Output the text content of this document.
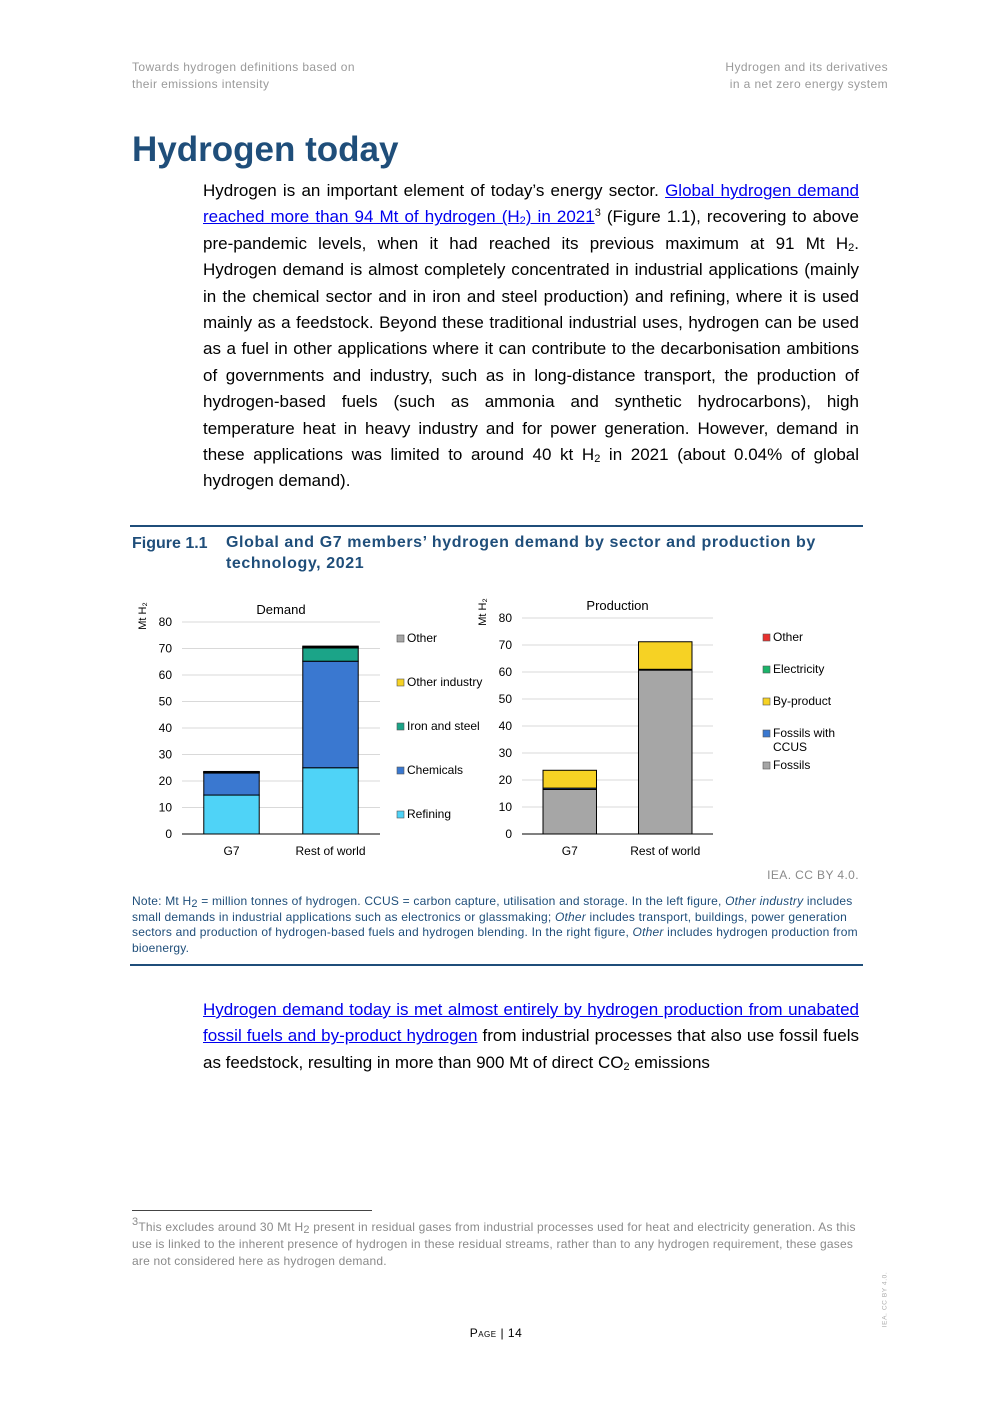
Towards hydrogen definitions based on
their emissions intensity
Hydrogen and its derivatives
in a net zero energy system
Hydrogen today

Hydrogen is an important element of today’s energy sector. Global hydrogen demand reached more than 94 Mt of hydrogen $(H_2)$ in 2021$^3$ (Figure 1.1), recovering to above pre-pandemic levels, when it had reached its previous maximum at 91 Mt $H_2$. Hydrogen demand is almost completely concentrated in industrial applications (mainly in the chemical sector and in iron and steel production) and refining, where it is used mainly as a feedstock. Beyond these traditional industrial uses, hydrogen can be used as a fuel in other applications where it can contribute to the decarbonisation ambitions of governments and industry, such as in long-distance transport, the production of hydrogen-based fuels (such as ammonia and synthetic hydrocarbons), high temperature heat in heavy industry and for power generation. However, demand in these applications was limited to around 40 kt $H_2$ in 2021 (about 0.04% of global hydrogen demand).

Figure 1.1 Global and G7 members’ hydrogen demand by sector and production by technology, 2021
0
10
20
30
40
50
60
70
80
Demand
Mt H₂
G7	Rest of world
Other
Other industry
Iron and steel
Chemicals
Refining
0
10
20
30
40
50
60
70
80
Production
Mt H₂
G7	Rest of world
Other
Electricity
By-product
Fossils with
CCUS
Fossils
IEA. CC BY 4.0.
Note: Mt $H_2$ = million tonnes of hydrogen. CCUS = carbon capture, utilisation and storage. In the left figure, Other industry includes small demands in industrial applications such as electronics or glassmaking; Other includes transport, buildings, power generation sectors and production of hydrogen-based fuels and hydrogen blending. In the right figure, Other includes hydrogen production from bioenergy.

Hydrogen demand today is met almost entirely by hydrogen production from unabated fossil fuels and by-product hydrogen from industrial processes that also use fossil fuels as feedstock, resulting in more than 900 Mt of direct $CO_2$ emissions

$^3$This excludes around 30 Mt $H_2$ present in residual gases from industrial processes used for heat and electricity generation. As this use is linked to the inherent presence of hydrogen in these residual streams, rather than to any hydrogen requirement, these gases are not considered here as hydrogen demand.
Page | 14
IEA. CC BY 4.0.
